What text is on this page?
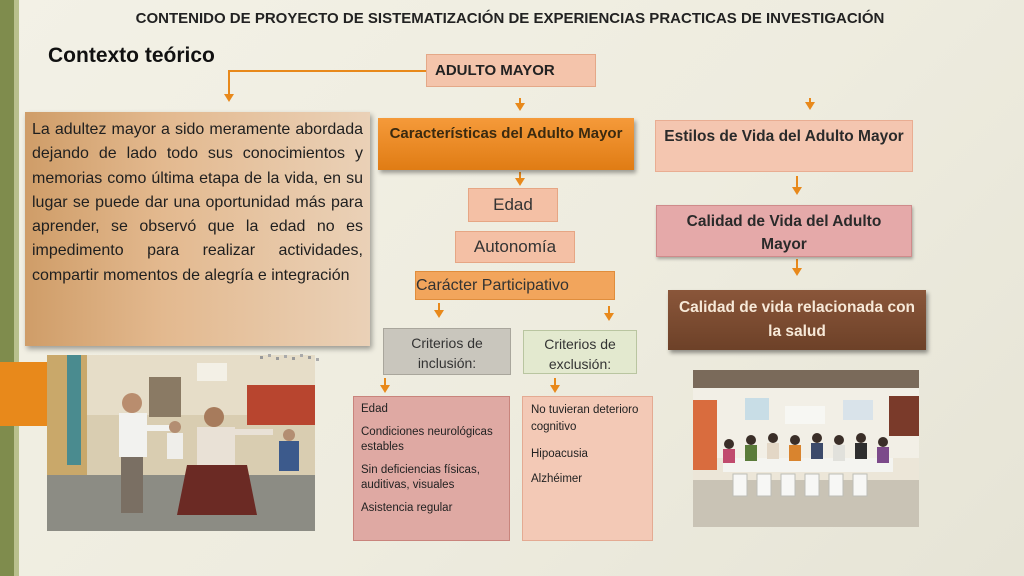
CONTENIDO DE PROYECTO DE SISTEMATIZACIÓN DE EXPERIENCIAS PRACTICAS DE INVESTIGACIÓN
Contexto teórico
ADULTO MAYOR
La adultez mayor a sido meramente abordada dejando de lado todo sus conocimientos y memorias como última etapa de la vida, en su lugar se puede dar una oportunidad más para aprender, se observó que la edad no es impedimento para realizar actividades, compartir momentos de alegría e integración
Características del Adulto Mayor
Edad
Autonomía
Carácter Participativo
Criterios de inclusión:
Criterios de exclusión:

Edad

Condiciones neurológicas estables

Sin deficiencias físicas, auditivas, visuales

Asistencia regular

No tuvieran deterioro cognitivo

Hipoacusia

Alzhéimer

Estilos de Vida del Adulto Mayor
Calidad de Vida del Adulto Mayor
Calidad de vida relacionada con la salud
